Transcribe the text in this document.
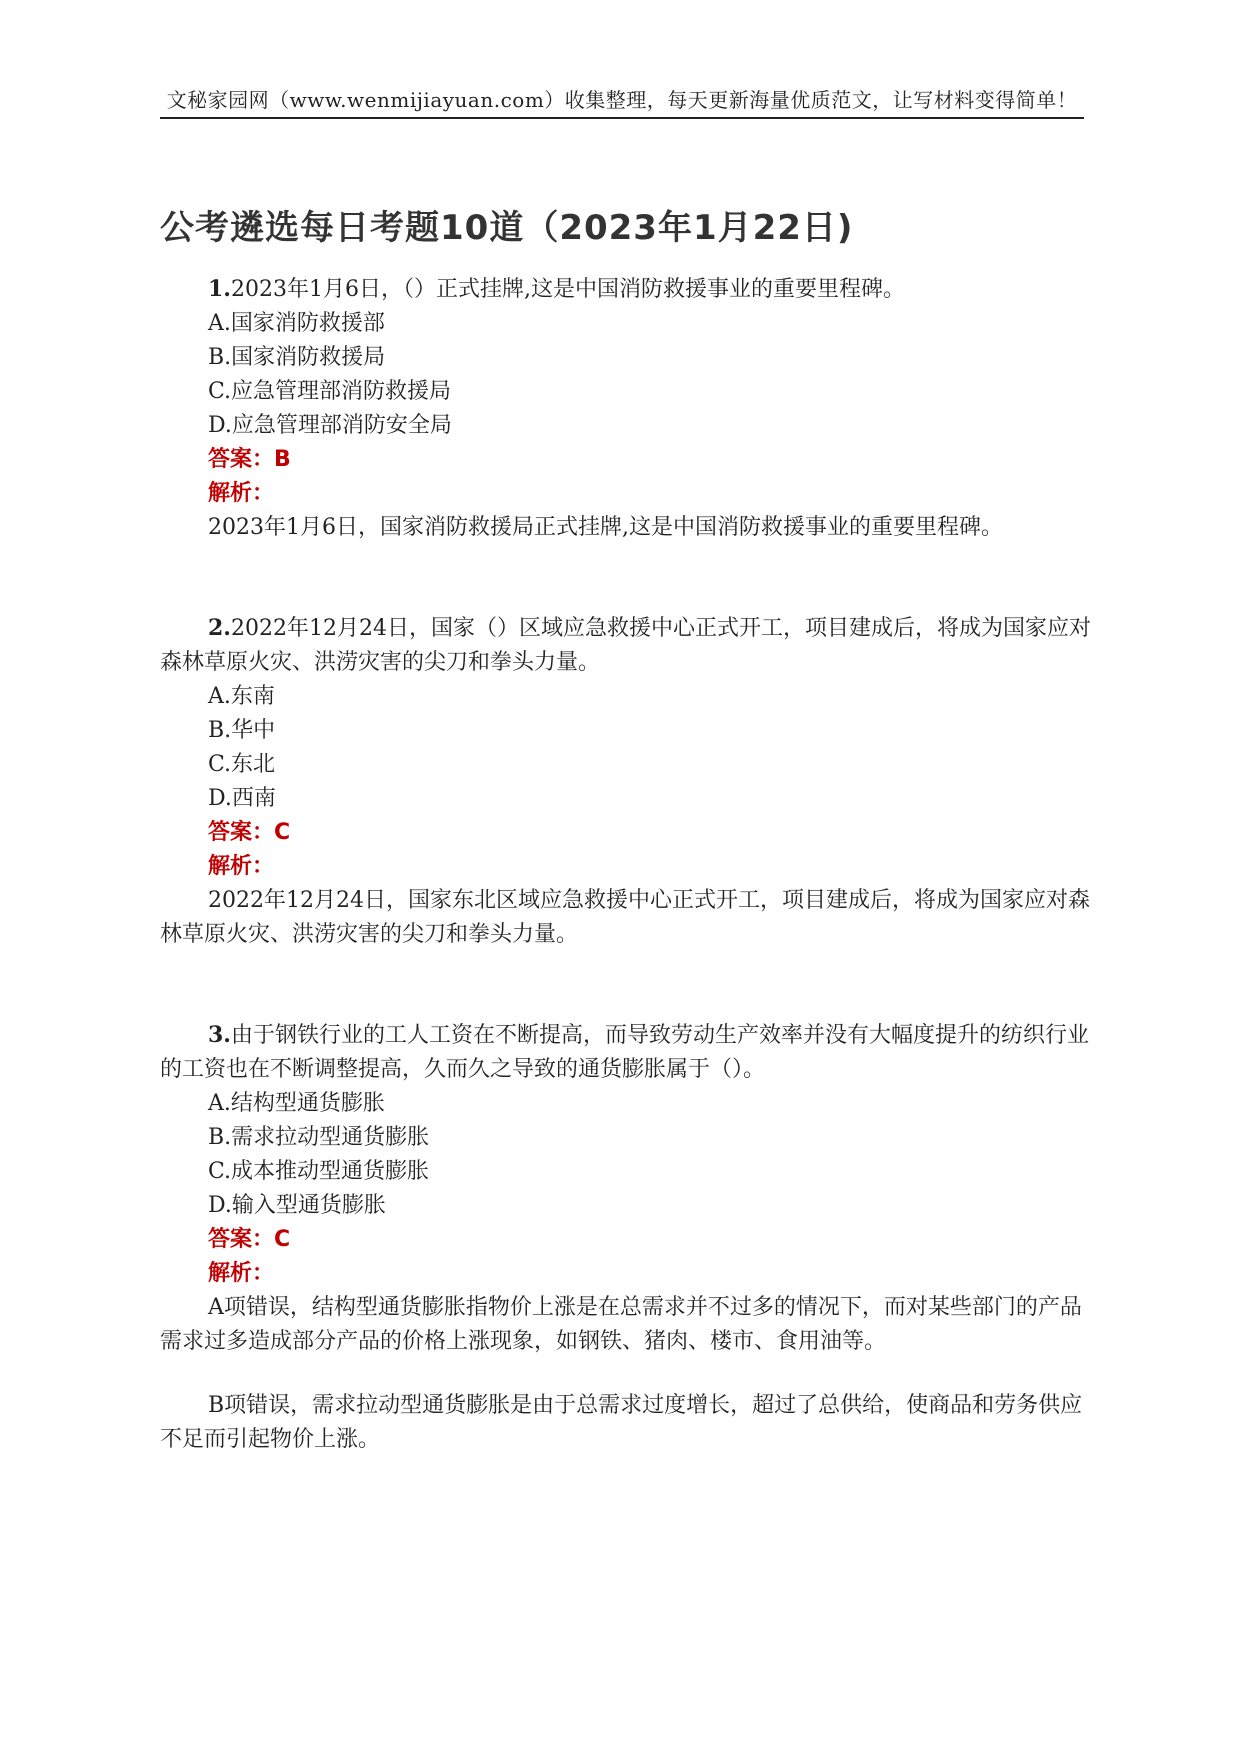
文秘家园网（www.wenmijiayuan.com）收集整理，每天更新海量优质范文，让写材料变得简单！
公考遴选每日考题10道（2023年1月22日)

1.2023年1月6日，（）正式挂牌,这是中国消防救援事业的重要里程碑。

A.国家消防救援部

B.国家消防救援局

C.应急管理部消防救援局

D.应急管理部消防安全局

答案：B

解析：

2023年1月6日，国家消防救援局正式挂牌,这是中国消防救援事业的重要里程碑。

2.2022年12月24日，国家（）区域应急救援中心正式开工，项目建成后，将成为国家应对森林草原火灾、洪涝灾害的尖刀和拳头力量。

A.东南

B.华中

C.东北

D.西南

答案：C

解析：

2022年12月24日，国家东北区域应急救援中心正式开工，项目建成后，将成为国家应对森林草原火灾、洪涝灾害的尖刀和拳头力量。

3.由于钢铁行业的工人工资在不断提高，而导致劳动生产效率并没有大幅度提升的纺织行业的工资也在不断调整提高，久而久之导致的通货膨胀属于（）。

A.结构型通货膨胀

B.需求拉动型通货膨胀

C.成本推动型通货膨胀

D.输入型通货膨胀

答案：C

解析：

A项错误，结构型通货膨胀指物价上涨是在总需求并不过多的情况下，而对某些部门的产品需求过多造成部分产品的价格上涨现象，如钢铁、猪肉、楼市、食用油等。

B项错误，需求拉动型通货膨胀是由于总需求过度增长，超过了总供给，使商品和劳务供应不足而引起物价上涨。
